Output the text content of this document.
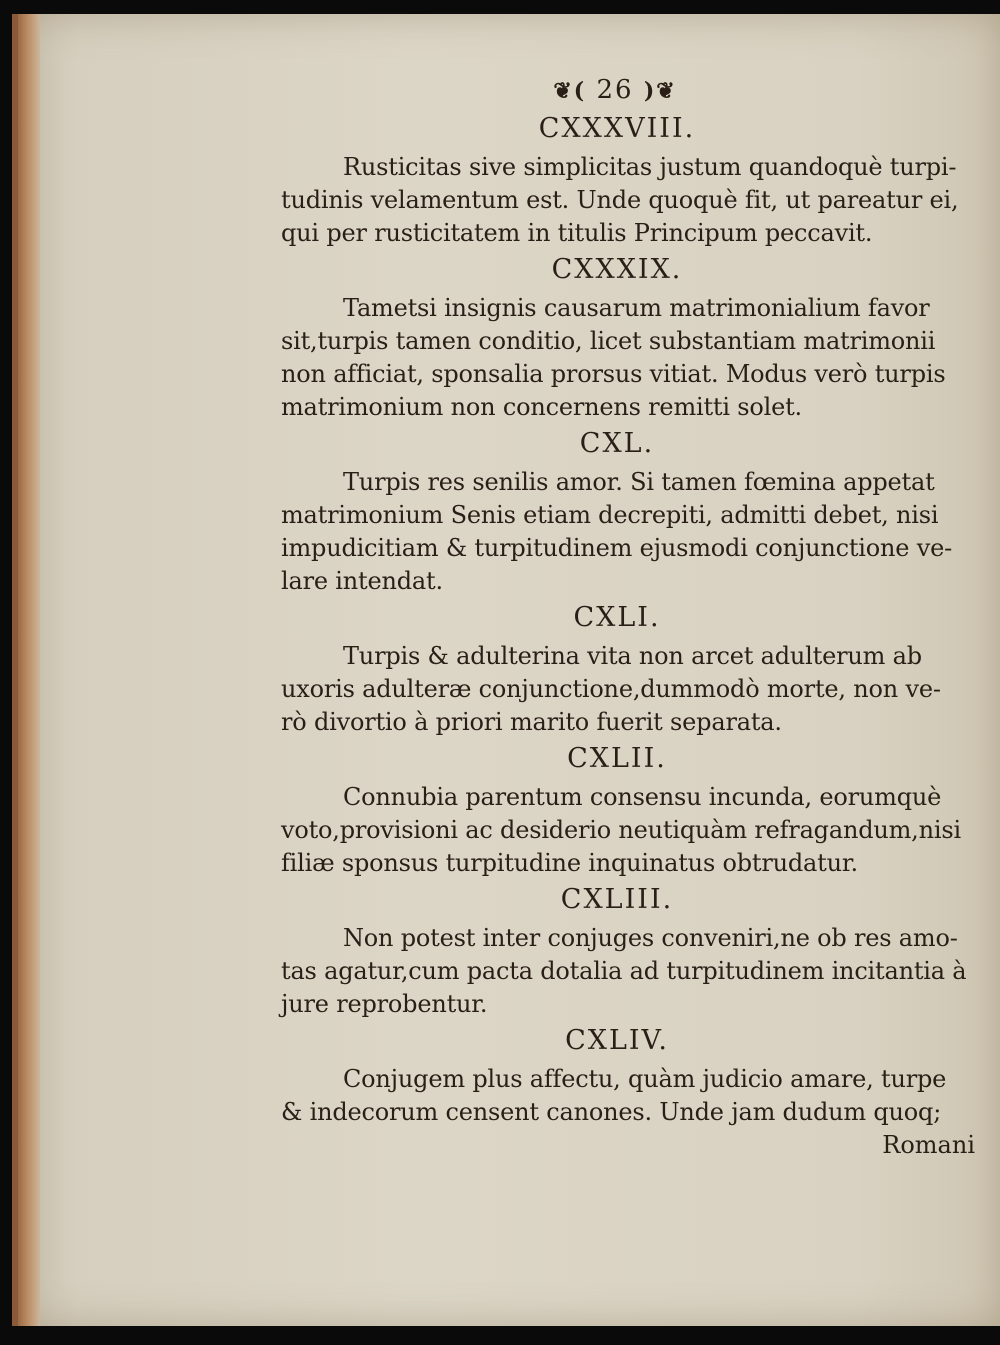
❦( 26 )❦
CXXXVIII.

Rusticitas sive simplicitas justum quandoquè turpi-
tudinis velamentum est. Unde quoquè fit, ut pareatur ei,
qui per rusticitatem in titulis Principum peccavit.

CXXXIX.

Tametsi insignis causarum matrimonialium favor
sit,turpis tamen conditio, licet substantiam matrimonii
non afficiat, sponsalia prorsus vitiat. Modus verò turpis
matrimonium non concernens remitti solet.

CXL.

Turpis res senilis amor. Si tamen fœmina appetat
matrimonium Senis etiam decrepiti, admitti debet, nisi
impudicitiam & turpitudinem ejusmodi conjunctione ve-
lare intendat.

CXLI.

Turpis & adulterina vita non arcet adulterum ab
uxoris adulteræ conjunctione,dummodò morte, non ve-
rò divortio à priori marito fuerit separata.

CXLII.

Connubia parentum consensu incunda, eorumquè
voto,provisioni ac desiderio neutiquàm refragandum,nisi
filiæ sponsus turpitudine inquinatus obtrudatur.

CXLIII.

Non potest inter conjuges conveniri,ne ob res amo-
tas agatur,cum pacta dotalia ad turpitudinem incitantia à
jure reprobentur.

CXLIV.

Conjugem plus affectu, quàm judicio amare, turpe
& indecorum censent canones. Unde jam dudum quoq;

Romani
